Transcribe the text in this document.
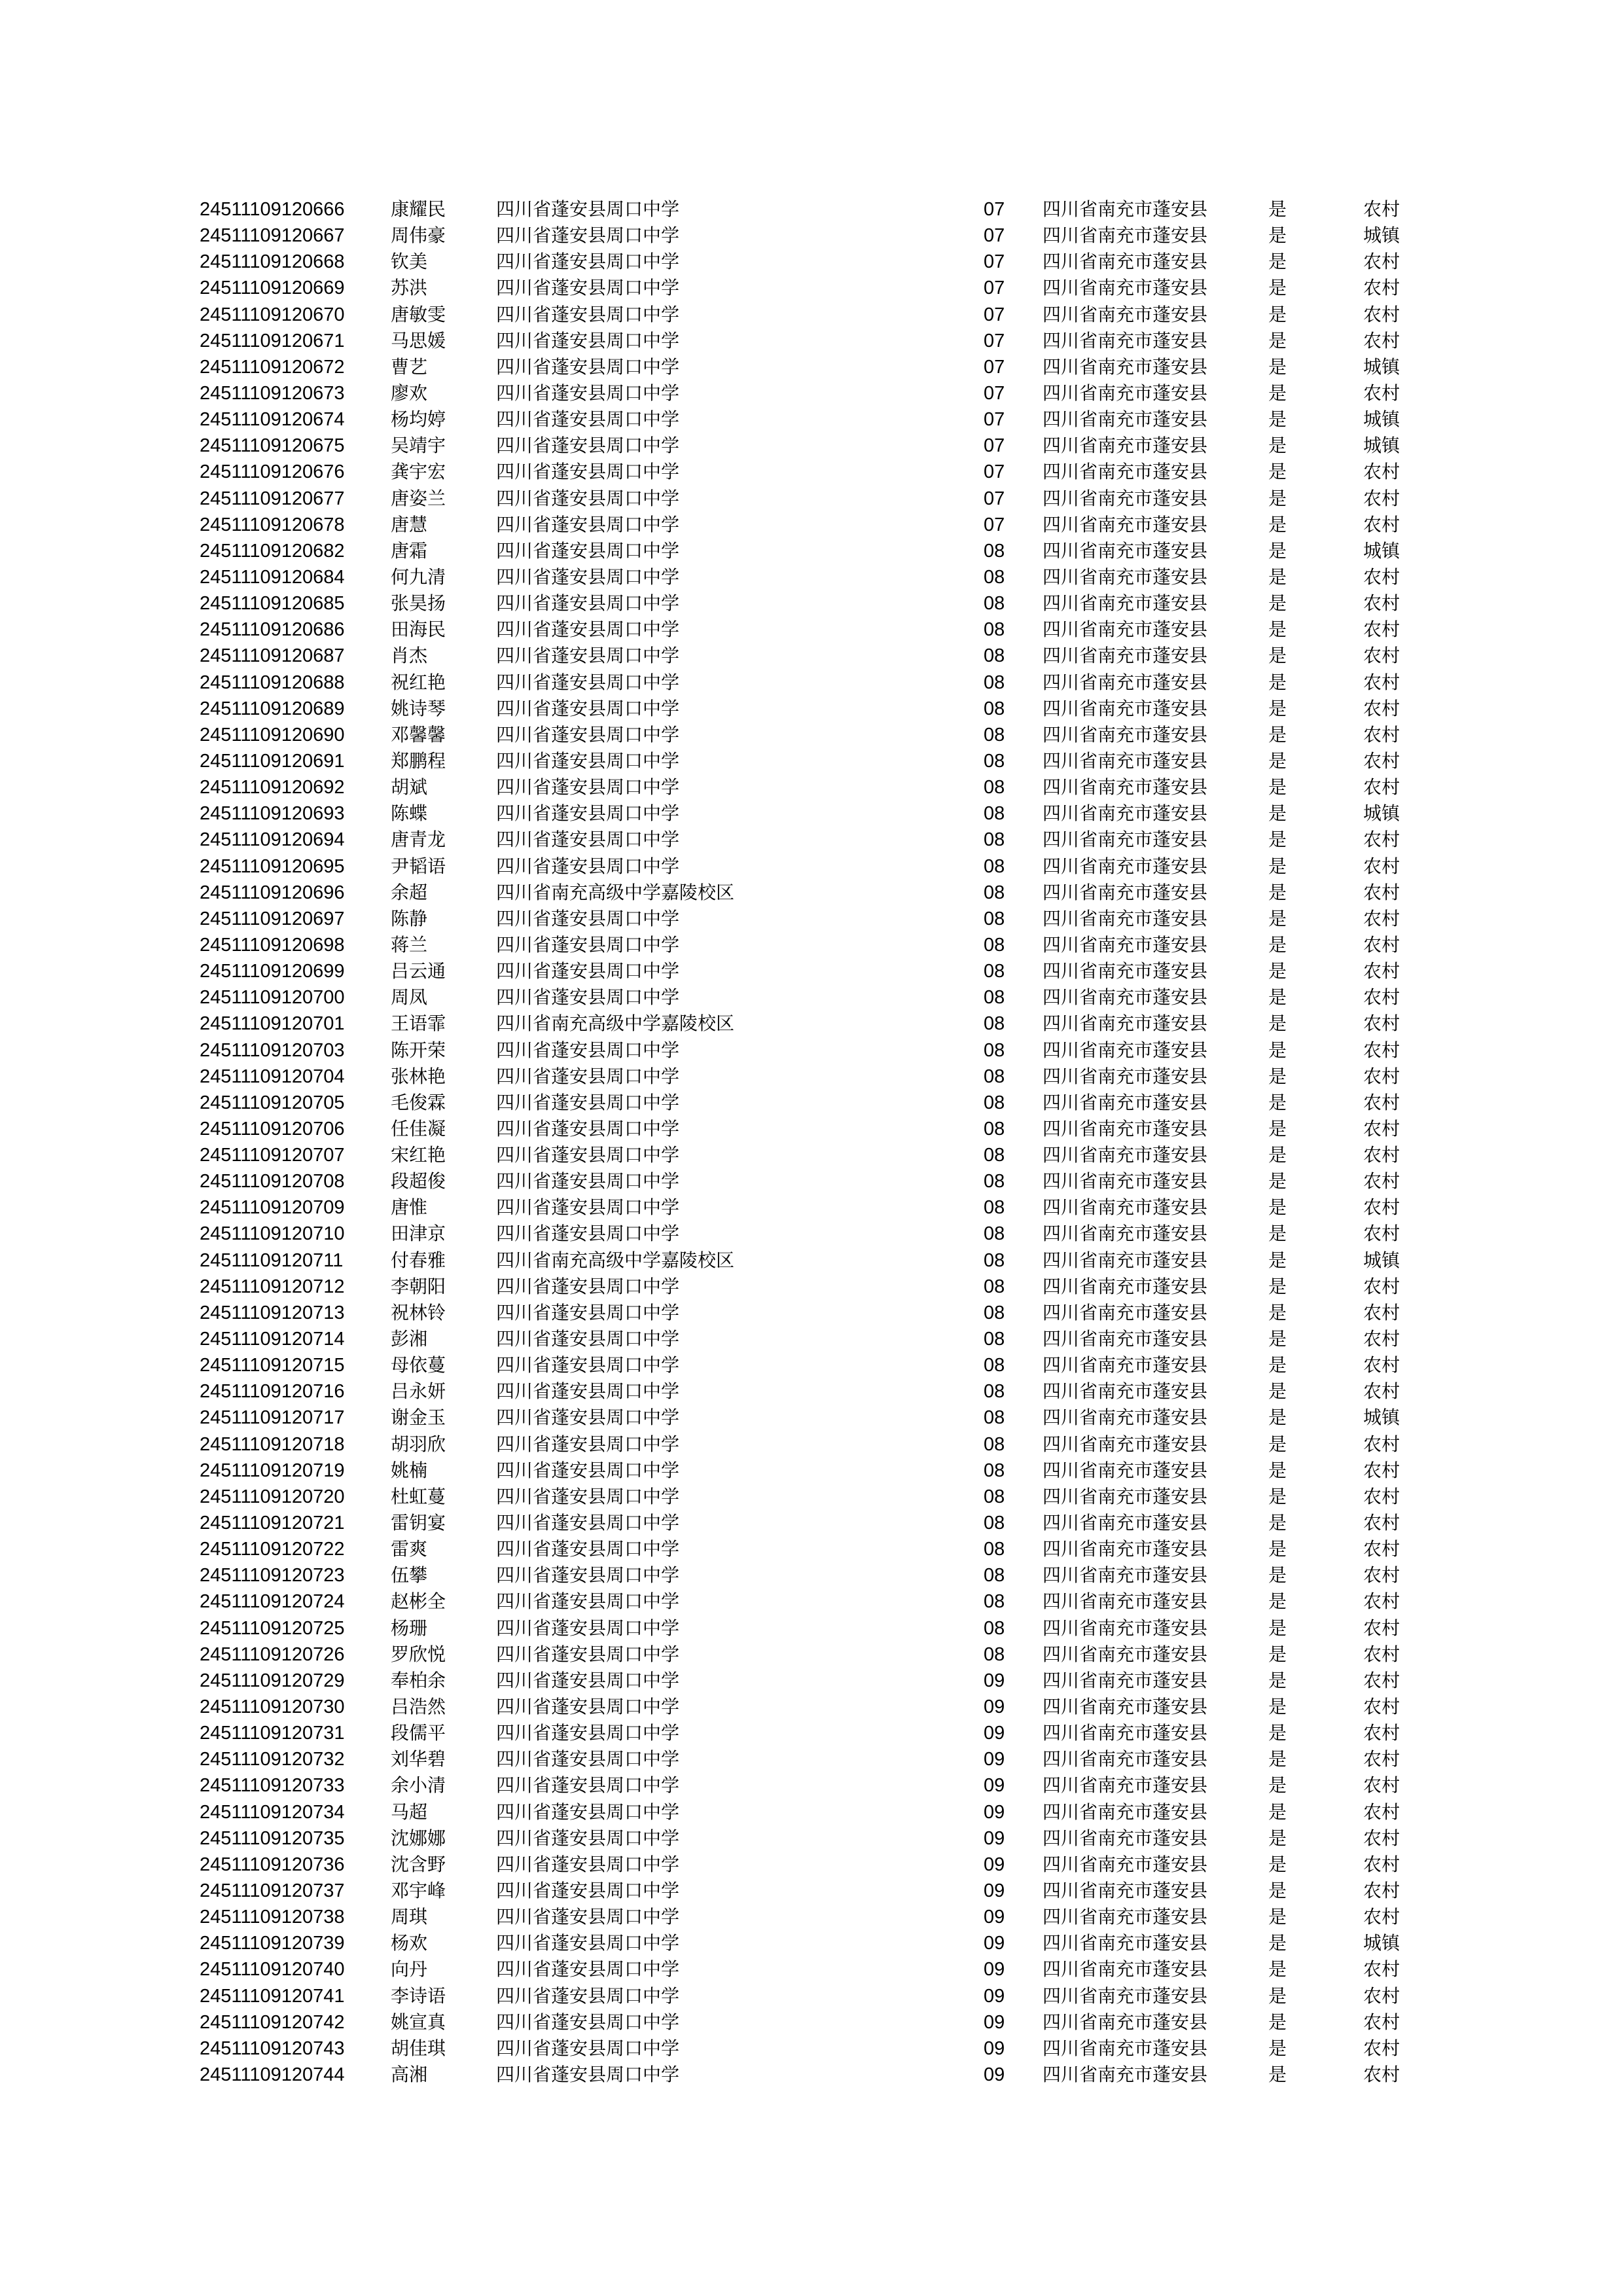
24511109120666	康耀民	四川省蓬安县周口中学	07 四川省南充市蓬安县	是	农村
24511109120667	周伟豪	四川省蓬安县周口中学	07 四川省南充市蓬安县	是	城镇
24511109120668	钦美	四川省蓬安县周口中学	07 四川省南充市蓬安县	是	农村
24511109120669	苏洪	四川省蓬安县周口中学	07 四川省南充市蓬安县	是	农村
24511109120670	唐敏雯	四川省蓬安县周口中学	07 四川省南充市蓬安县	是	农村
24511109120671	马思媛	四川省蓬安县周口中学	07 四川省南充市蓬安县	是	农村
24511109120672	曹艺	四川省蓬安县周口中学	07 四川省南充市蓬安县	是	城镇
24511109120673	廖欢	四川省蓬安县周口中学	07 四川省南充市蓬安县	是	农村
24511109120674	杨均婷	四川省蓬安县周口中学	07 四川省南充市蓬安县	是	城镇
24511109120675	吴靖宇	四川省蓬安县周口中学	07 四川省南充市蓬安县	是	城镇
24511109120676	龚宇宏	四川省蓬安县周口中学	07 四川省南充市蓬安县	是	农村
24511109120677	唐姿兰	四川省蓬安县周口中学	07 四川省南充市蓬安县	是	农村
24511109120678	唐慧	四川省蓬安县周口中学	07 四川省南充市蓬安县	是	农村
24511109120682	唐霜	四川省蓬安县周口中学	08 四川省南充市蓬安县	是	城镇
24511109120684	何九清	四川省蓬安县周口中学	08 四川省南充市蓬安县	是	农村
24511109120685	张昊扬	四川省蓬安县周口中学	08 四川省南充市蓬安县	是	农村
24511109120686	田海民	四川省蓬安县周口中学	08 四川省南充市蓬安县	是	农村
24511109120687	肖杰	四川省蓬安县周口中学	08 四川省南充市蓬安县	是	农村
24511109120688	祝红艳	四川省蓬安县周口中学	08 四川省南充市蓬安县	是	农村
24511109120689	姚诗琴	四川省蓬安县周口中学	08 四川省南充市蓬安县	是	农村
24511109120690	邓馨馨	四川省蓬安县周口中学	08 四川省南充市蓬安县	是	农村
24511109120691	郑鹏程	四川省蓬安县周口中学	08 四川省南充市蓬安县	是	农村
24511109120692	胡斌	四川省蓬安县周口中学	08 四川省南充市蓬安县	是	农村
24511109120693	陈蝶	四川省蓬安县周口中学	08 四川省南充市蓬安县	是	城镇
24511109120694	唐青龙	四川省蓬安县周口中学	08 四川省南充市蓬安县	是	农村
24511109120695	尹韬语	四川省蓬安县周口中学	08 四川省南充市蓬安县	是	农村
24511109120696	余超	四川省南充高级中学嘉陵校区	08 四川省南充市蓬安县	是	农村
24511109120697	陈静	四川省蓬安县周口中学	08 四川省南充市蓬安县	是	农村
24511109120698	蒋兰	四川省蓬安县周口中学	08 四川省南充市蓬安县	是	农村
24511109120699	吕云通	四川省蓬安县周口中学	08 四川省南充市蓬安县	是	农村
24511109120700	周凤	四川省蓬安县周口中学	08 四川省南充市蓬安县	是	农村
24511109120701	王语霏	四川省南充高级中学嘉陵校区	08 四川省南充市蓬安县	是	农村
24511109120703	陈开荣	四川省蓬安县周口中学	08 四川省南充市蓬安县	是	农村
24511109120704	张林艳	四川省蓬安县周口中学	08 四川省南充市蓬安县	是	农村
24511109120705	毛俊霖	四川省蓬安县周口中学	08 四川省南充市蓬安县	是	农村
24511109120706	任佳凝	四川省蓬安县周口中学	08 四川省南充市蓬安县	是	农村
24511109120707	宋红艳	四川省蓬安县周口中学	08 四川省南充市蓬安县	是	农村
24511109120708	段超俊	四川省蓬安县周口中学	08 四川省南充市蓬安县	是	农村
24511109120709	唐惟	四川省蓬安县周口中学	08 四川省南充市蓬安县	是	农村
24511109120710	田津京	四川省蓬安县周口中学	08 四川省南充市蓬安县	是	农村
24511109120711	付春雅	四川省南充高级中学嘉陵校区	08 四川省南充市蓬安县	是	城镇
24511109120712	李朝阳	四川省蓬安县周口中学	08 四川省南充市蓬安县	是	农村
24511109120713	祝林铃	四川省蓬安县周口中学	08 四川省南充市蓬安县	是	农村
24511109120714	彭湘	四川省蓬安县周口中学	08 四川省南充市蓬安县	是	农村
24511109120715	母依蔓	四川省蓬安县周口中学	08 四川省南充市蓬安县	是	农村
24511109120716	吕永妍	四川省蓬安县周口中学	08 四川省南充市蓬安县	是	农村
24511109120717	谢金玉	四川省蓬安县周口中学	08 四川省南充市蓬安县	是	城镇
24511109120718	胡羽欣	四川省蓬安县周口中学	08 四川省南充市蓬安县	是	农村
24511109120719	姚楠	四川省蓬安县周口中学	08 四川省南充市蓬安县	是	农村
24511109120720	杜虹蔓	四川省蓬安县周口中学	08 四川省南充市蓬安县	是	农村
24511109120721	雷钥宴	四川省蓬安县周口中学	08 四川省南充市蓬安县	是	农村
24511109120722	雷爽	四川省蓬安县周口中学	08 四川省南充市蓬安县	是	农村
24511109120723	伍攀	四川省蓬安县周口中学	08 四川省南充市蓬安县	是	农村
24511109120724	赵彬全	四川省蓬安县周口中学	08 四川省南充市蓬安县	是	农村
24511109120725	杨珊	四川省蓬安县周口中学	08 四川省南充市蓬安县	是	农村
24511109120726	罗欣悦	四川省蓬安县周口中学	08 四川省南充市蓬安县	是	农村
24511109120729	奉柏余	四川省蓬安县周口中学	09 四川省南充市蓬安县	是	农村
24511109120730	吕浩然	四川省蓬安县周口中学	09 四川省南充市蓬安县	是	农村
24511109120731	段儒平	四川省蓬安县周口中学	09 四川省南充市蓬安县	是	农村
24511109120732	刘华碧	四川省蓬安县周口中学	09 四川省南充市蓬安县	是	农村
24511109120733	余小清	四川省蓬安县周口中学	09 四川省南充市蓬安县	是	农村
24511109120734	马超	四川省蓬安县周口中学	09 四川省南充市蓬安县	是	农村
24511109120735	沈娜娜	四川省蓬安县周口中学	09 四川省南充市蓬安县	是	农村
24511109120736	沈含野	四川省蓬安县周口中学	09 四川省南充市蓬安县	是	农村
24511109120737	邓宇峰	四川省蓬安县周口中学	09 四川省南充市蓬安县	是	农村
24511109120738	周琪	四川省蓬安县周口中学	09 四川省南充市蓬安县	是	农村
24511109120739	杨欢	四川省蓬安县周口中学	09 四川省南充市蓬安县	是	城镇
24511109120740	向丹	四川省蓬安县周口中学	09 四川省南充市蓬安县	是	农村
24511109120741	李诗语	四川省蓬安县周口中学	09 四川省南充市蓬安县	是	农村
24511109120742	姚宣真	四川省蓬安县周口中学	09 四川省南充市蓬安县	是	农村
24511109120743	胡佳琪	四川省蓬安县周口中学	09 四川省南充市蓬安县	是	农村
24511109120744	高湘	四川省蓬安县周口中学	09 四川省南充市蓬安县	是	农村
